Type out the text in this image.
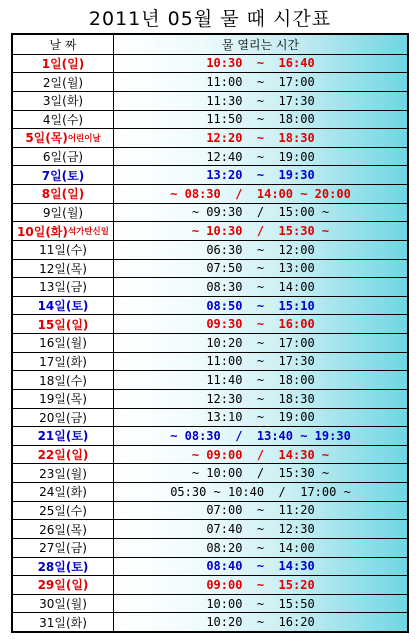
2011년 05월 물 때 시간표
날 짜	물 열리는 시간
1일(일)	10:30  ~  16:40
2일(월)	11:00  ~  17:00
3일(화)	11:30  ~  17:30
4일(수)	11:50  ~  18:00
5일(목) 어린이날	12:20  ~  18:30
6일(금)	12:40  ~  19:00
7일(토)	13:20  ~  19:30
8일(일)	~ 08:30  /  14:00 ~ 20:00
9일(월)	~ 09:30  /  15:00 ~
10일(화) 석가탄신일	~ 10:30  /  15:30 ~
11일(수)	06:30  ~  12:00
12일(목)	07:50  ~  13:00
13일(금)	08:30  ~  14:00
14일(토)	08:50  ~  15:10
15일(일)	09:30  ~  16:00
16일(월)	10:20  ~  17:00
17일(화)	11:00  ~  17:30
18일(수)	11:40  ~  18:00
19일(목)	12:30  ~  18:30
20일(금)	13:10  ~  19:00
21일(토)	~ 08:30  /  13:40 ~ 19:30
22일(일)	~ 09:00  /  14:30 ~
23일(월)	~ 10:00  /  15:30 ~
24일(화)	05:30 ~ 10:40  /  17:00 ~
25일(수)	07:00  ~  11:20
26일(목)	07:40  ~  12:30
27일(금)	08:20  ~  14:00
28일(토)	08:40  ~  14:30
29일(일)	09:00  ~  15:20
30일(월)	10:00  ~  15:50
31일(화)	10:20  ~  16:20
